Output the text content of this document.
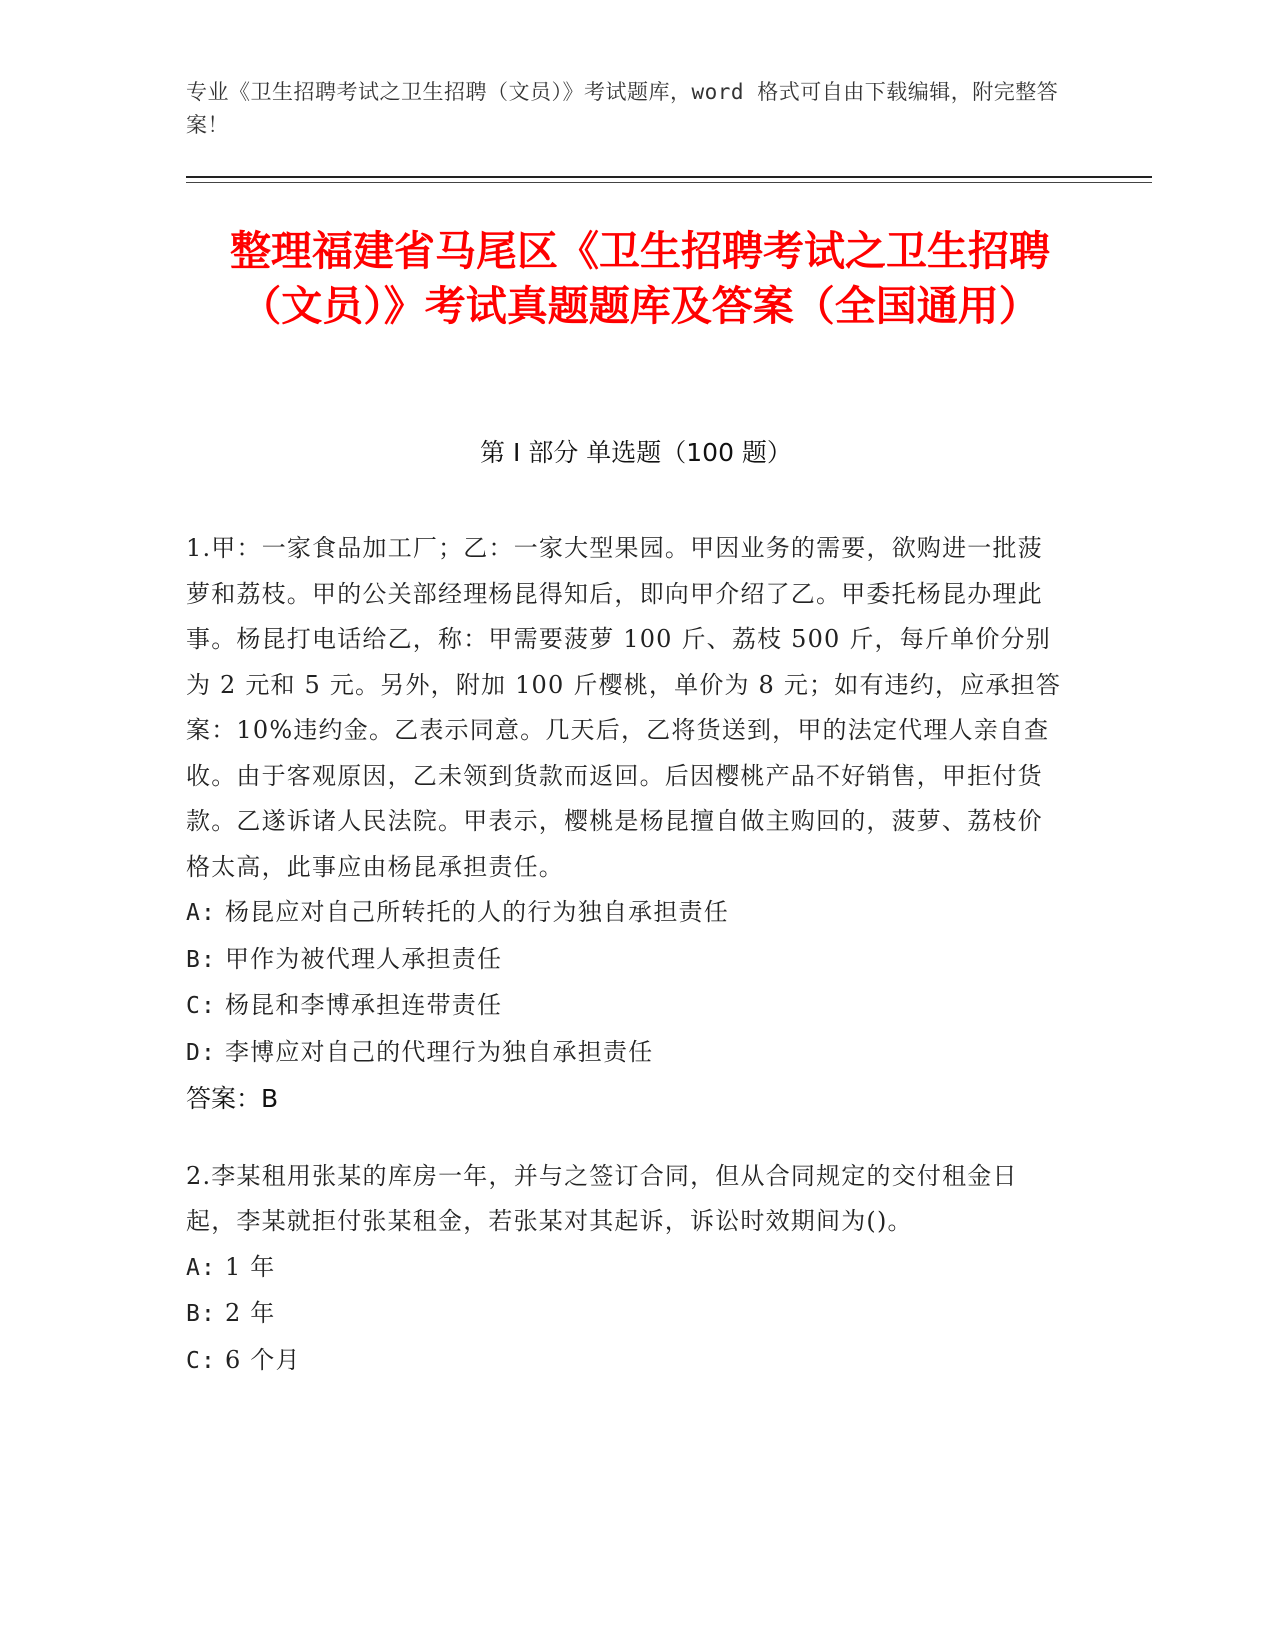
专业《卫生招聘考试之卫生招聘（文员）》考试题库，word 格式可自由下载编辑，附完整答案！
整理福建省马尾区《卫生招聘考试之卫生招聘（文员）》考试真题题库及答案（全国通用）
第 I 部分 单选题（100 题）

1.甲：一家食品加工厂；乙：一家大型果园。甲因业务的需要，欲购进一批菠萝和荔枝。甲的公关部经理杨昆得知后，即向甲介绍了乙。甲委托杨昆办理此事。杨昆打电话给乙，称：甲需要菠萝 100 斤、荔枝 500 斤，每斤单价分别为 2 元和 5 元。另外，附加 100 斤樱桃，单价为 8 元；如有违约，应承担答案：10%违约金。乙表示同意。几天后，乙将货送到，甲的法定代理人亲自查收。由于客观原因，乙未领到货款而返回。后因樱桃产品不好销售，甲拒付货款。乙遂诉诸人民法院。甲表示，樱桃是杨昆擅自做主购回的，菠萝、荔枝价格太高，此事应由杨昆承担责任。

A: 杨昆应对自己所转托的人的行为独自承担责任

B: 甲作为被代理人承担责任

C: 杨昆和李博承担连带责任

D: 李博应对自己的代理行为独自承担责任

答案：B

2.李某租用张某的库房一年，并与之签订合同，但从合同规定的交付租金日起，李某就拒付张某租金，若张某对其起诉，诉讼时效期间为()。

A: 1 年

B: 2 年

C: 6 个月
